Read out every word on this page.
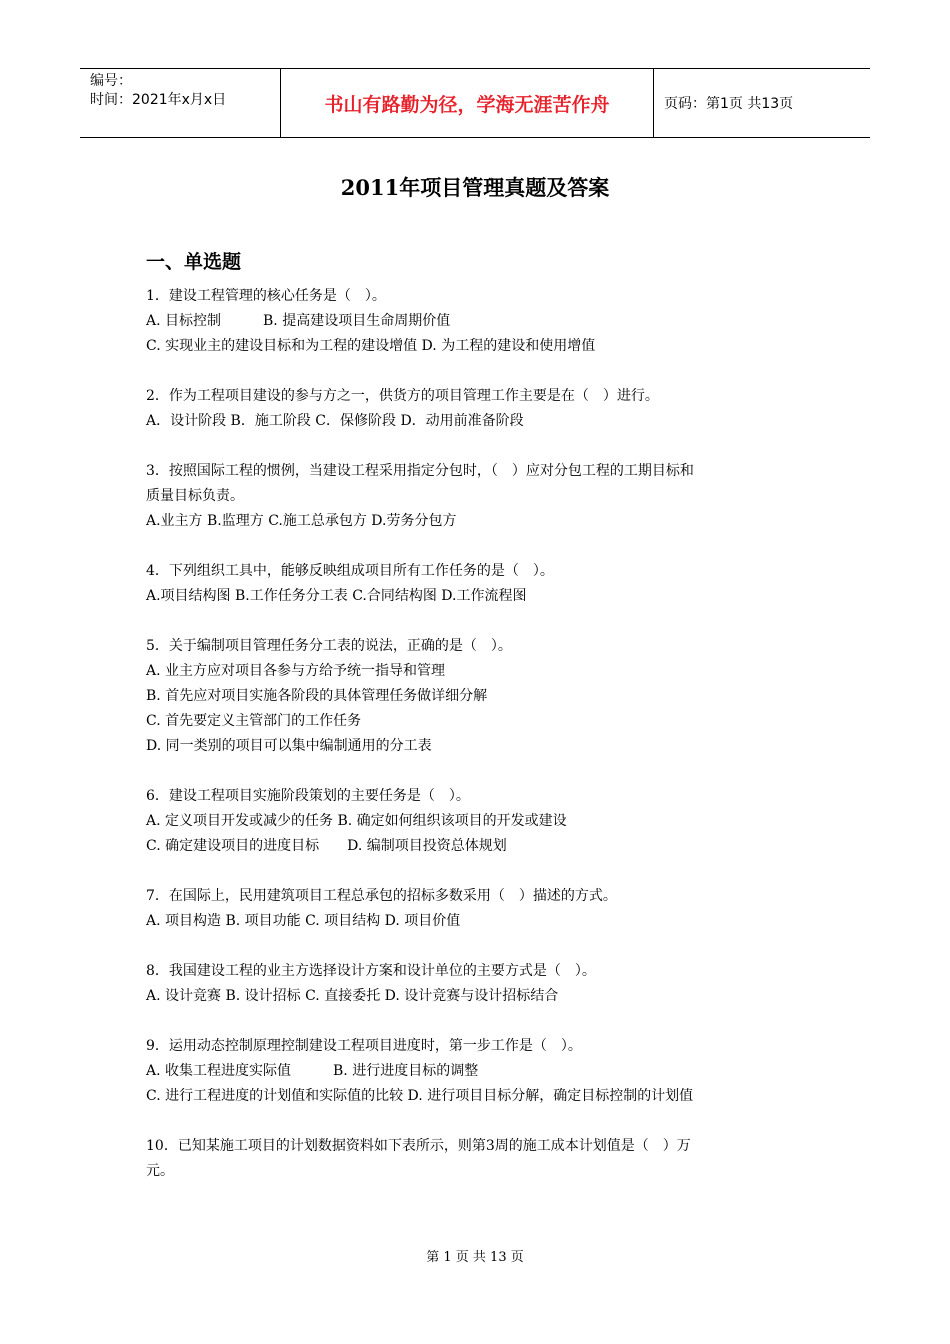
编号：
时间：2021年x月x日	书山有路勤为径，学海无涯苦作舟	页码：第1页 共13页
2011年项目管理真题及答案
一、单选题

1．建设工程管理的核心任务是（　）。

A. 目标控制　　　B. 提高建设项目生命周期价值

C. 实现业主的建设目标和为工程的建设增值 D. 为工程的建设和使用增值

2．作为工程项目建设的参与方之一，供货方的项目管理工作主要是在（　）进行。

A．设计阶段 B．施工阶段 C．保修阶段 D．动用前准备阶段

3．按照国际工程的惯例，当建设工程采用指定分包时，（　）应对分包工程的工期目标和

质量目标负责。

A.业主方 B.监理方 C.施工总承包方 D.劳务分包方

4．下列组织工具中，能够反映组成项目所有工作任务的是（　）。

A.项目结构图 B.工作任务分工表 C.合同结构图 D.工作流程图

5．关于编制项目管理任务分工表的说法，正确的是（　）。

A. 业主方应对项目各参与方给予统一指导和管理

B. 首先应对项目实施各阶段的具体管理任务做详细分解

C. 首先要定义主管部门的工作任务

D. 同一类别的项目可以集中编制通用的分工表

6．建设工程项目实施阶段策划的主要任务是（　）。

A. 定义项目开发或减少的任务 B. 确定如何组织该项目的开发或建设

C. 确定建设项目的进度目标　　D. 编制项目投资总体规划

7．在国际上，民用建筑项目工程总承包的招标多数采用（　）描述的方式。

A. 项目构造 B. 项目功能 C. 项目结构 D. 项目价值

8．我国建设工程的业主方选择设计方案和设计单位的主要方式是（　）。

A. 设计竞赛 B. 设计招标 C. 直接委托 D. 设计竞赛与设计招标结合

9．运用动态控制原理控制建设工程项目进度时，第一步工作是（　）。

A. 收集工程进度实际值　　　B. 进行进度目标的调整

C. 进行工程进度的计划值和实际值的比较 D. 进行项目目标分解，确定目标控制的计划值

10．已知某施工项目的计划数据资料如下表所示，则第3周的施工成本计划值是（　）万

元。

第 1 页 共 13 页
